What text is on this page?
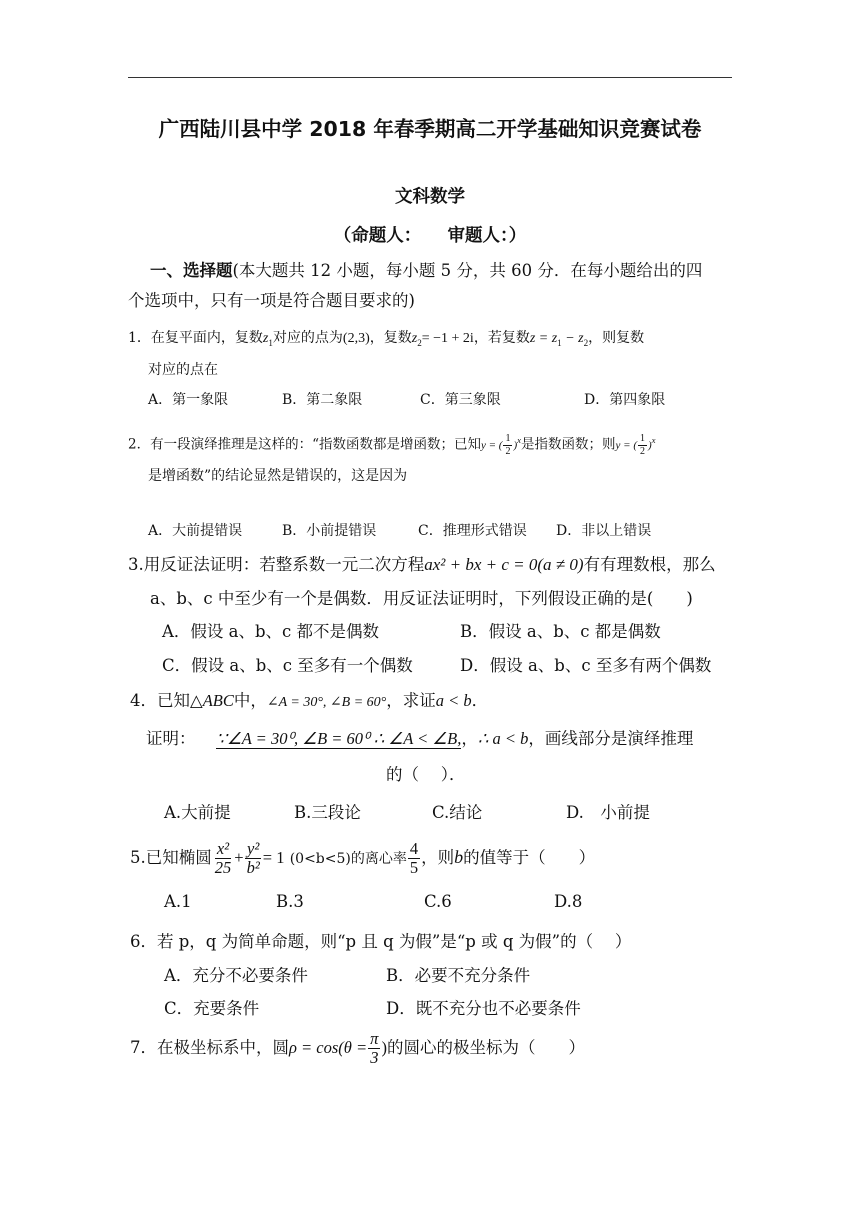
广西陆川县中学 2018 年春季期高二开学基础知识竞赛试卷
文科数学
（命题人：　　审题人：）
一、选择题(本大题共 12 小题，每小题 5 分，共 60 分．在每小题给出的四
个选项中，只有一项是符合题目要求的)
1．在复平面内，复数$z_1$对应的点为(2,3)，复数$z_2= -1 + 2i$，若复数$z = z_1 - z_2$，则复数
对应的点在
A．第一象限	B．第二象限	C．第三象限	D．第四象限
2．有一段演绎推理是这样的：“指数函数都是增函数；已知y = ( $\frac{1}{2} )^x$是指数函数；则y = ( $\frac{1}{2} )^x$
是增函数”的结论显然是错误的，这是因为
A．大前提错误	B．小前提错误	C．推理形式错误 D．非以上错误
3.用反证法证明：若整系数一元二次方程ax² + bx + c = 0(a ≠ 0)有有理数根，那么
a、b、c 中至少有一个是偶数．用反证法证明时，下列假设正确的是(　　)
A．假设 a、b、c 都不是偶数	B．假设 a、b、c 都是偶数
C．假设 a、b、c 至多有一个偶数	D．假设 a、b、c 至多有两个偶数
4．已知△ABC中，∠A = 30°, ∠B = 60°，求证a < b．
证明： ∵∠A = 30⁰, ∠B = 60⁰ ∴ ∠A < ∠B,，∴ a < b，画线部分是演绎推理
的（　 ）．
A.大前提	B.三段论	C.结论	D.　小前提
5.已知椭圆 $\frac{\text{x²}}{25} + \frac{\text{y²}}{\text{b²}} = 1$ (0<b<5)的离心率 $\frac{4}{5}$ ，则b的值等于（　　）
A.1	B.3	C.6	D.8
6．若 p，q 为简单命题，则“p 且 q 为假”是“p 或 q 为假”的（　 ）
A．充分不必要条件	B．必要不充分条件
C．充要条件	D．既不充分也不必要条件
7．在极坐标系中，圆$\rho = \cos(\theta = \frac{\pi}{3}$ )的圆心的极坐标为（　　）
